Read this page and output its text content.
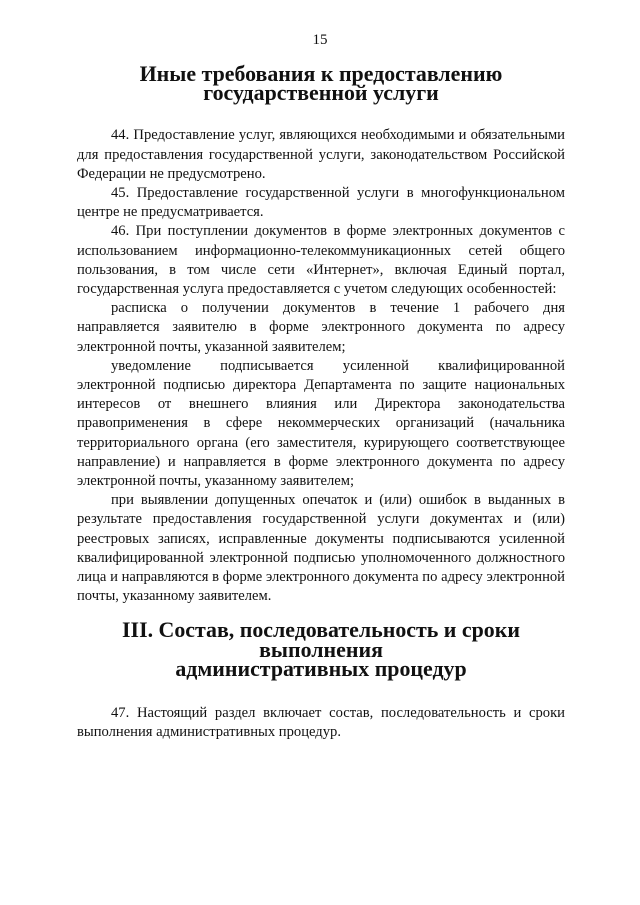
15
Иные требования к предоставлению государственной услуги

44. Предоставление услуг, являющихся необходимыми и обязательными для предоставления государственной услуги, законодательством Российской Федерации не предусмотрено.

45. Предоставление государственной услуги в многофункциональном центре не предусматривается.

46. При поступлении документов в форме электронных документов с использованием информационно-телекоммуникационных сетей общего пользования, в том числе сети «Интернет», включая Единый портал, государственная услуга предоставляется с учетом следующих особенностей:

расписка о получении документов в течение 1 рабочего дня направляется заявителю в форме электронного документа по адресу электронной почты, указанной заявителем;

уведомление подписывается усиленной квалифицированной электронной подписью директора Департамента по защите национальных интересов от внешнего влияния или Директора законодательства правоприменения в сфере некоммерческих организаций (начальника территориального органа (его заместителя, курирующего соответствующее направление) и направляется в форме электронного документа по адресу электронной почты, указанному заявителем;

при выявлении допущенных опечаток и (или) ошибок в выданных в результате предоставления государственной услуги документах и (или) реестровых записях, исправленные документы подписываются усиленной квалифицированной электронной подписью уполномоченного должностного лица и направляются в форме электронного документа по адресу электронной почты, указанному заявителем.

III. Состав, последовательность и сроки выполнения
административных процедур

47. Настоящий раздел включает состав, последовательность и сроки выполнения административных процедур.
